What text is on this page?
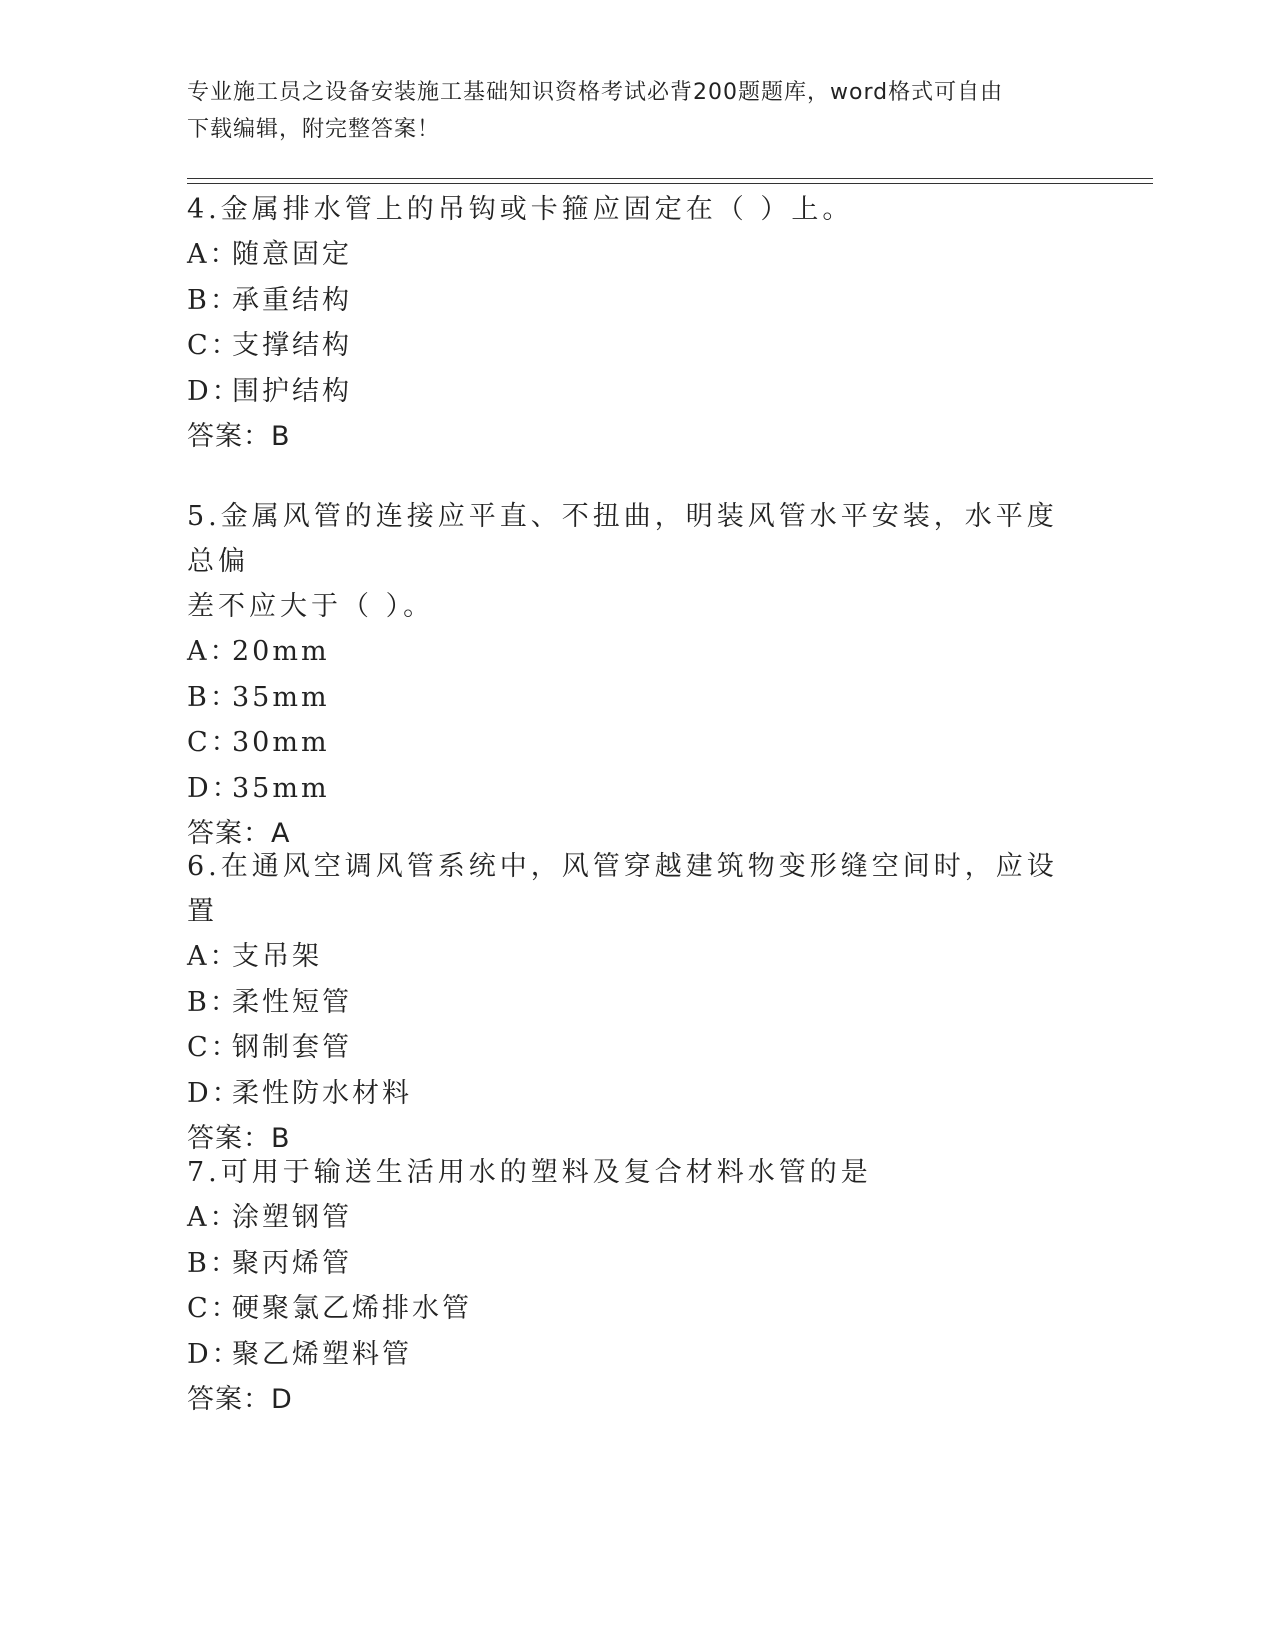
专业施工员之设备安装施工基础知识资格考试必背200题题库，word格式可自由
下载编辑，附完整答案！

4.金属排水管上的吊钩或卡箍应固定在（ ）上。

A：随意固定

B：承重结构

C：支撑结构

D：围护结构

答案：B

5.金属风管的连接应平直、不扭曲，明装风管水平安装，水平度总偏

差不应大于（ ）。

A：20mm

B：35mm

C：30mm

D：35mm

答案：A

6.在通风空调风管系统中，风管穿越建筑物变形缝空间时，应设置

A：支吊架

B：柔性短管

C：钢制套管

D：柔性防水材料

答案：B

7.可用于输送生活用水的塑料及复合材料水管的是

A：涂塑钢管

B：聚丙烯管

C：硬聚氯乙烯排水管

D：聚乙烯塑料管

答案：D
